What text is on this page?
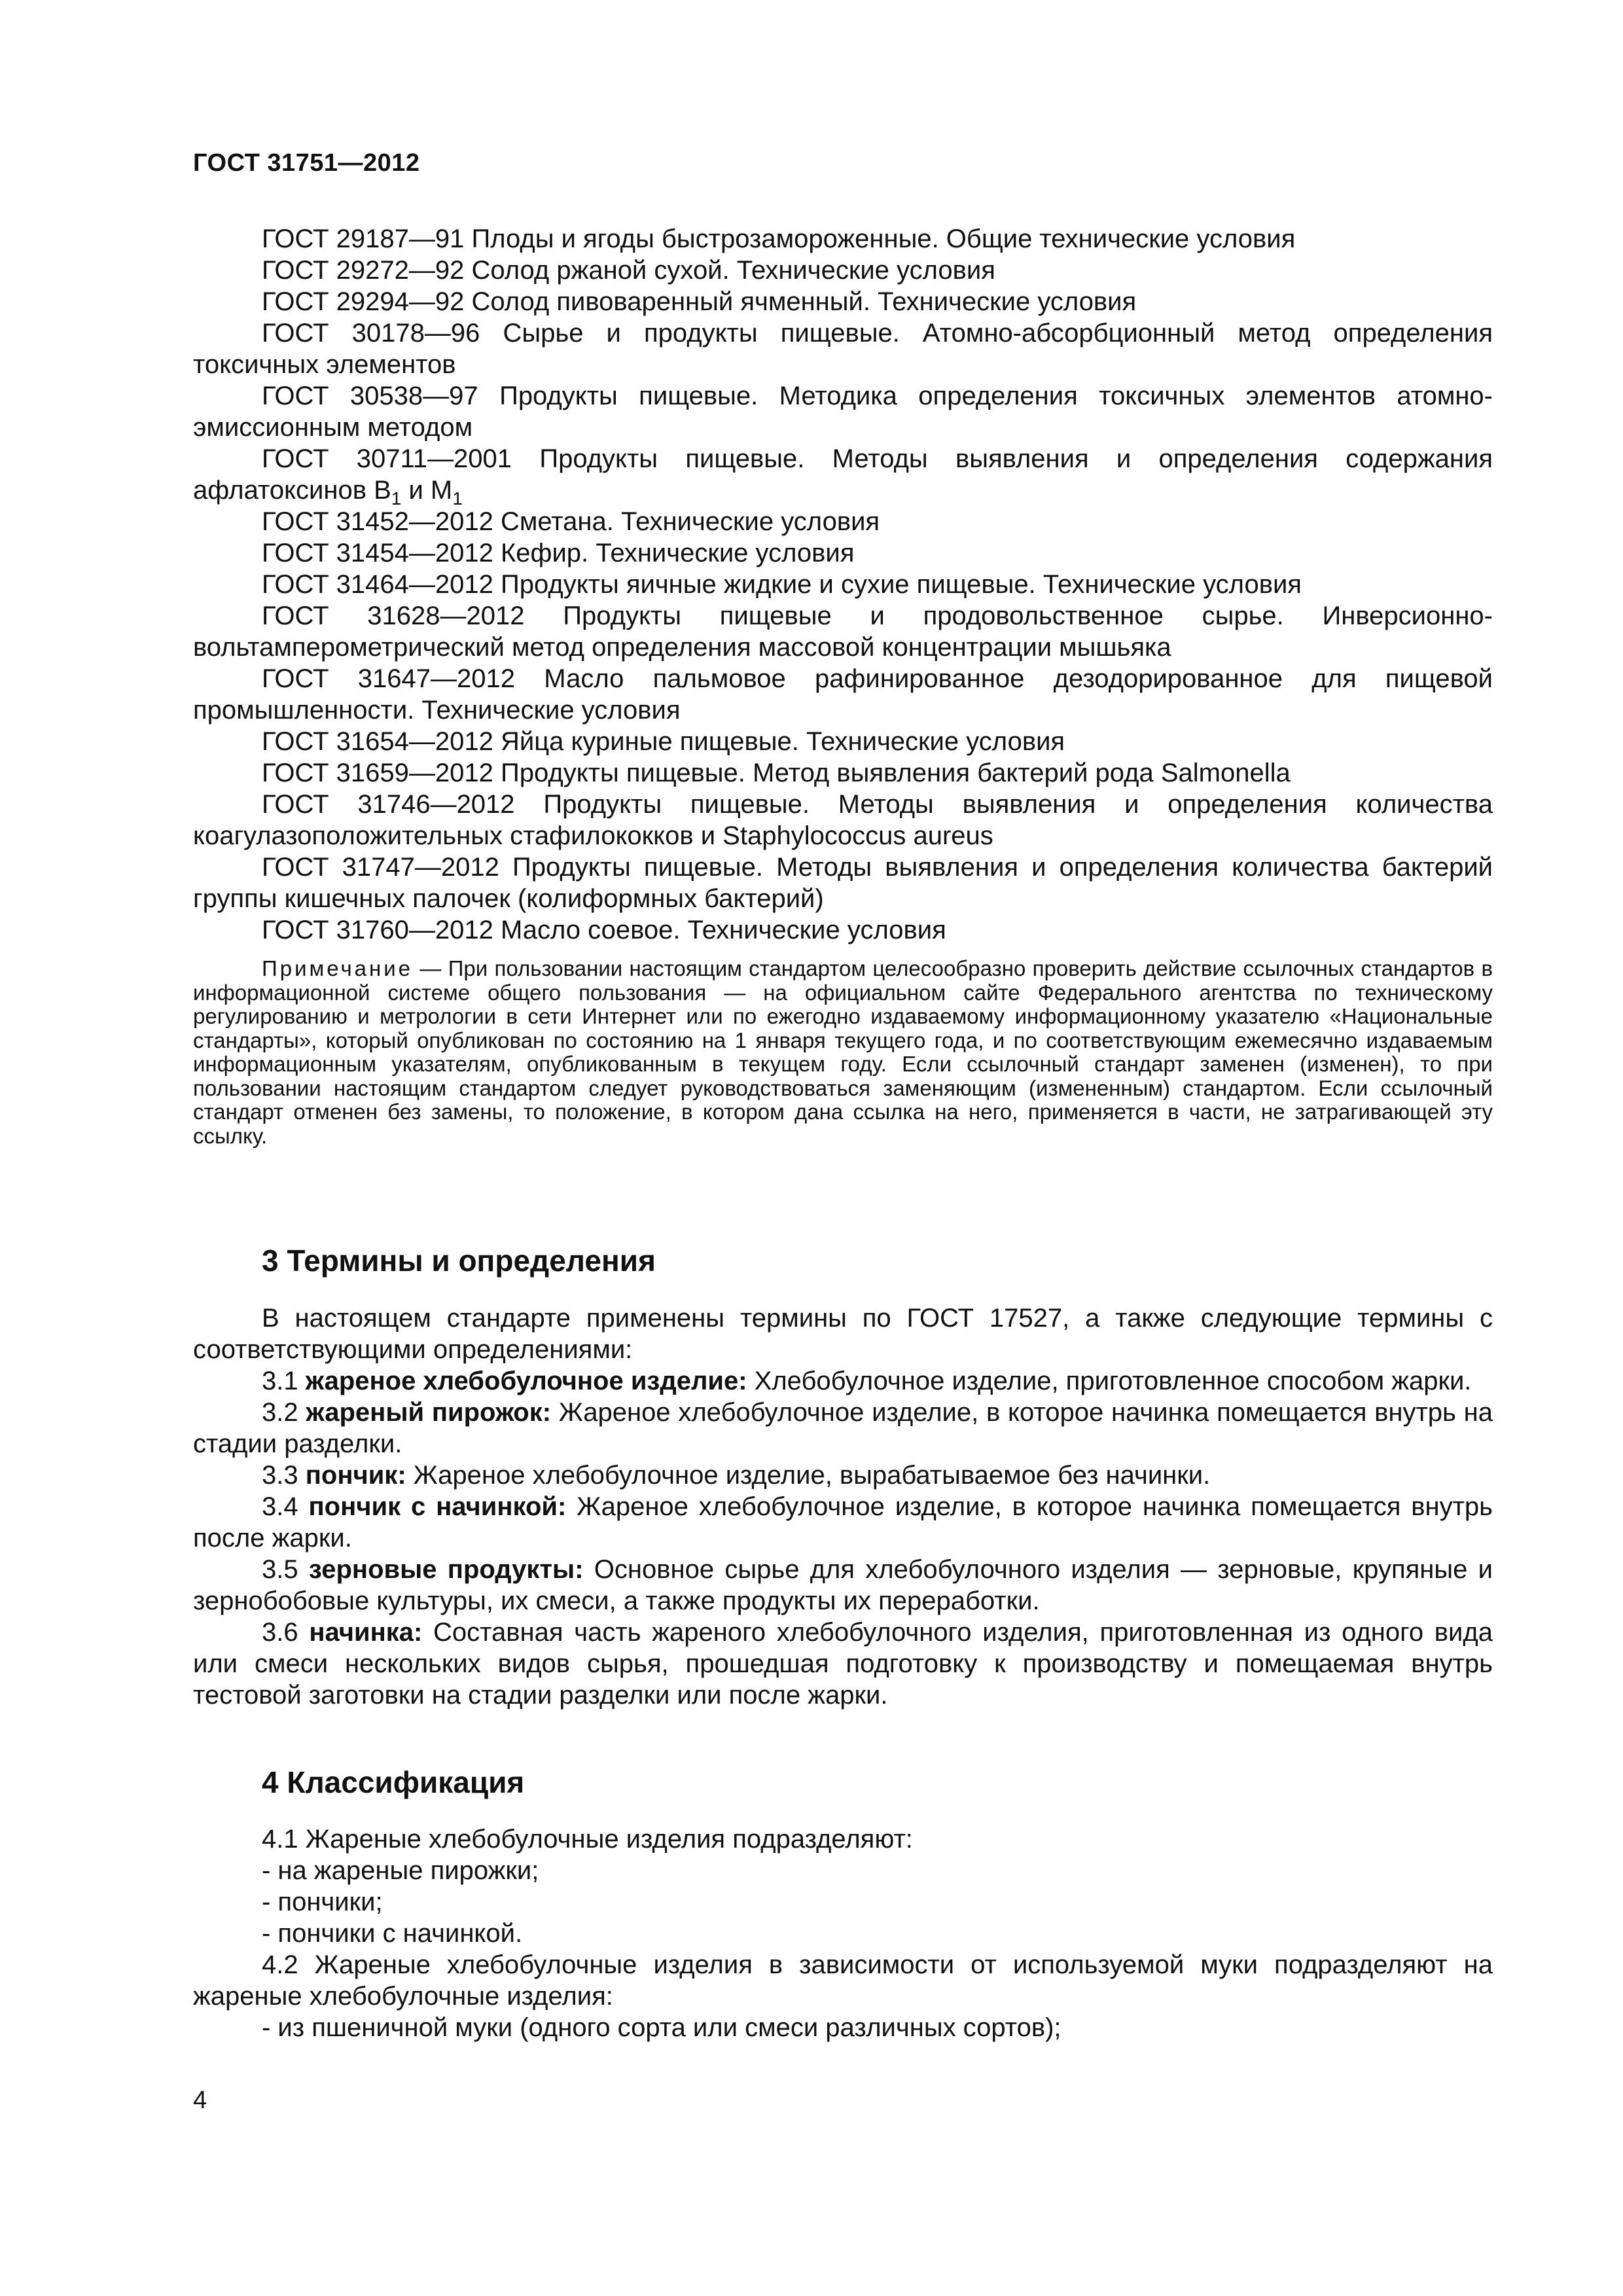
ГОСТ 31751—2012

ГОСТ 29187—91 Плоды и ягоды быстрозамороженные. Общие технические условия

ГОСТ 29272—92 Солод ржаной сухой. Технические условия

ГОСТ 29294—92 Солод пивоваренный ячменный. Технические условия

ГОСТ 30178—96 Сырье и продукты пищевые. Атомно-абсорбционный метод определения токсичных элементов

ГОСТ 30538—97 Продукты пищевые. Методика определения токсичных элементов атомно-эмиссионным методом

ГОСТ 30711—2001 Продукты пищевые. Методы выявления и определения содержания афлатоксинов $B_1$ и $M_1$

ГОСТ 31452—2012 Сметана. Технические условия

ГОСТ 31454—2012 Кефир. Технические условия

ГОСТ 31464—2012 Продукты яичные жидкие и сухие пищевые. Технические условия

ГОСТ 31628—2012 Продукты пищевые и продовольственное сырье. Инверсионно-вольтамперометрический метод определения массовой концентрации мышьяка

ГОСТ 31647—2012 Масло пальмовое рафинированное дезодорированное для пищевой промышленности. Технические условия

ГОСТ 31654—2012 Яйца куриные пищевые. Технические условия

ГОСТ 31659—2012 Продукты пищевые. Метод выявления бактерий рода Salmonella

ГОСТ 31746—2012 Продукты пищевые. Методы выявления и определения количества коагулазоположительных стафилококков и Staphylococcus aureus

ГОСТ 31747—2012 Продукты пищевые. Методы выявления и определения количества бактерий группы кишечных палочек (колиформных бактерий)

ГОСТ 31760—2012 Масло соевое. Технические условия

Примечание — При пользовании настоящим стандартом целесообразно проверить действие ссылочных стандартов в информационной системе общего пользования — на официальном сайте Федерального агентства по техническому регулированию и метрологии в сети Интернет или по ежегодно издаваемому информационному указателю «Национальные стандарты», который опубликован по состоянию на 1 января текущего года, и по соответствующим ежемесячно издаваемым информационным указателям, опубликованным в текущем году. Если ссылочный стандарт заменен (изменен), то при пользовании настоящим стандартом следует руководствоваться заменяющим (измененным) стандартом. Если ссылочный стандарт отменен без замены, то положение, в котором дана ссылка на него, применяется в части, не затрагивающей эту ссылку.

3 Термины и определения

В настоящем стандарте применены термины по ГОСТ 17527, а также следующие термины с соответствующими определениями:

3.1 жареное хлебобулочное изделие: Хлебобулочное изделие, приготовленное способом жарки.

3.2 жареный пирожок: Жареное хлебобулочное изделие, в которое начинка помещается внутрь на стадии разделки.

3.3 пончик: Жареное хлебобулочное изделие, вырабатываемое без начинки.

3.4 пончик с начинкой: Жареное хлебобулочное изделие, в которое начинка помещается внутрь после жарки.

3.5 зерновые продукты: Основное сырье для хлебобулочного изделия — зерновые, крупяные и зернобобовые культуры, их смеси, а также продукты их переработки.

3.6 начинка: Составная часть жареного хлебобулочного изделия, приготовленная из одного вида или смеси нескольких видов сырья, прошедшая подготовку к производству и помещаемая внутрь тестовой заготовки на стадии разделки или после жарки.

4 Классификация

4.1 Жареные хлебобулочные изделия подразделяют:

- на жареные пирожки;

- пончики;

- пончики с начинкой.

4.2 Жареные хлебобулочные изделия в зависимости от используемой муки подразделяют на жареные хлебобулочные изделия:

- из пшеничной муки (одного сорта или смеси различных сортов);

4
